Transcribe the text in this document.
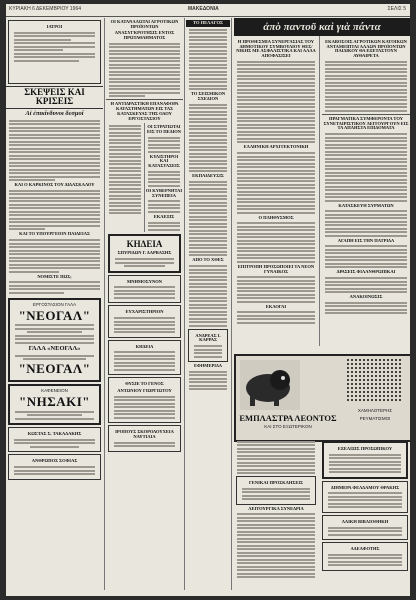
ΚΥΡΙΑΚΗ 6 ΔΕΚΕΜΒΡΙΟΥ 1964	ΜΑΚΕΔΟΝΙΑ	ΣΕΛΙΣ 5
ΙΑΤΡΟΙ
ΣΚΕΨΕΙΣ ΚΑΙ ΚΡΙΣΕΙΣ
Αἱ ἐπικίνδυνοι δεσμοί
ΚΑΙ Ο ΚΑΡΚΙΝΟΣ ΤΟΥ ΔΙΔΑΣΚΑΛΟΥ
ΚΑΙ ΤΟ ΥΠΟΥΡΓΕΙΟΝ ΠΑΙΔΕΙΑΣ
ΝΟΜΙΣΤΕ ΠΩΣ;
ΕΡΓΟΣΤΑΣΙΟΝ ΓΑΛΑ
"ΝΕΟΓΑΛ"
ΓΑΛΑ «ΝΕΟΓΑΛ»
"ΝΕΟΓΑΛ"
ΚΑΦΕΝΕΙΟΝ
"ΝΗΣΑΚΙ"
ΚΩΣΤΑΣ Σ. ΤΑΚΑΔΑΚΗΣ
ΑΝΘΡΩΠΟΣ ΣΟΦΙΑΣ
ΟΙ ΚΑΤΑΝΑΛΩΤΑΙ ΑΓΡΟΤΙΚΩΝ ΠΡΟΪΟΝΤΩΝ
ΑΝΑΣΥΓΚΡΟΤΗΣΙΣ ΕΝΤΟΣ ΠΡΩΤΑΘΛΗΜΑΤΟΣ
Η ΑΝΤΙΔΡΑΣΤΙΚΗ ΕΠΑΝΑΦΟΡΑ ΚΑΤΑΣΤΗΜΑΤΩΝ ΕΙΣ ΤΑΣ ΚΑΤΑΣΚΕΥΑΣ ΤΗΣ ΟΔΟΥ ΕΡΓΟΣΤΑΣΙΟΥ
ΟΙ ΣΤΡΑΤΙΩΤΑΙ ΕΙΣ ΤΟ ΠΕΔΙΟΝ
ΚΥΛΙΣΤΗΡΟΙ ΚΑΙ ΚΑΤΑΣΤΑΣΕΙΣ
ΟΙ ΚΥΒΕΡΝΗΤΑΙ ΣΥΝΕΠΕΙΑ
ΕΚΛΕΞΙΣ
ΚΗΔΕΙΑ
ΣΠΥΡΙΔΩΝ Γ. ΔΑΡΒΑΣΗΣ
ΜΝΗΜΟΣΥΝΟΝ
ΕΥΧΑΡΙΣΤΗΡΙΟΝ
ΚΗΔΕΙΑ
ΘΥΣΙΕ ΤΟ ΓΕΝΟΣ
ΑΝΤΩΝΙΟΥ ΓΙΩΡΓΙΩΤΟΥ
ΙΡΟΠΟΥΣ ΣΚΟΡΟΛΟΥΧΕΙΑ ΝΑΥΤΙΛΙΑ
ΤΟ ΠΕΛΑΓΟΣ
ΤΟ ΣΕΙΣΜΙΚΟΝ ΣΧΕΔΙΟΝ
ΕΚΠΑΙΔΕΥΣΙΣ
ΑΠΟ ΤΟ ΧΘΕΣ
ΑΝΔΡΕΑΣ Ι. ΚΑΡΡΑΣ
ΕΦΗΜΕΡΙΔΑ
ἀπὸ παντοῦ καὶ γιὰ πάντα
Η ΠΡΟΘΕΣΜΙΑ ΣΥΝΕΡΓΑΣΙΑΣ ΤΟΥ ΔΗΜΟΤΙΚΟΥ ΣΥΜΒΟΥΛΙΟΥ ΘΕΣ/ΝΙΚΗΣ ΜΕ ΑΣΦΑΛΙΣΤΙΚΑ ΚΑΙ ΑΛΛΑ ΑΠΟΦΑΣΙΣΕΙ
ΕΛΛΗΝΙΚΗ ΑΡΧΙΤΕΚΤΟΝΙΚΗ
Ο ΠΛΗΘΥΣΜΟΣ
ΕΠΙΤΡΟΠΗ ΠΡΟΣΩΠΟΙΕΙ ΤΑ ΝΕΟΝ ΓΥΝΑΙΚΟΣ
ΕΚΛΟΓΑΙ
ΕΚΑΒΟΣΟΙΣ ΑΓΡΟΤΙΚΩΝ ΚΑΤΟΙΚΩΝ ΑΝΤΑΜΕΙΠΤΑΙ ΑΛΛΩΝ ΠΡΟΪΟΝΤΩΝ ΠΑΙΔΙΚΟΥ ΘΑ ΕΞΕΤΑΣΤΟΥΝ ΑΥΘΑΙΡΕΤΑ
ΠΡΑΓΜΑΤΙΚΑ ΣΥΜΦΕΡΟΝΤΑ ΤΟΥ ΣΥΝΕΤΑΙΡΙΣΤΙΚΟΥ ΛΕΙΤΟΥΡΓΟΥΝ ΕΙΣ ΤΑ ΑΠΛΗΣΤΑ ΕΠΙΔΟΜΑΤΑ
ΚΑΤΑΣΚΕΥΗ ΣΥΡΜΑΤΩΝ
ΑΓΑΠΗ ΕΙΣ ΤΗΝ ΠΑΤΡΙΔΑ
ΔΡΑΣΕΙΣ ΦΙΛΑΝΘΡΩΠΙΚΑΙ
ΑΝΑΚΟΙΝΩΣΙΣ
ΕΜΠΛΑΣΤΡΑ ΛΕΟΝΤΟΣ
ΚΑΙ ΣΤΟ ΕΞΩΤΕΡΙΚΟΝ
ΧΑΜΗΛΟΤΕΡΗΣ
ΡΕΥΜΑΤΙΣΜΟΙ
ΓΕΝΙΚΑΙ ΠΡΟΣΚΛΗΣΕΙΣ
ΛΕΙΤΟΥΡΓΙΚΑ ΣΥΝΕΔΡΙΑ
ΕΞΕΛΙΞΙΣ ΠΡΟΣΩΠΙΚΟΥ
ΔΙΗΜΕΡΑ ΦΕΛΔΑΜΟΥ ΘΡΑΚΗΣ
ΛΑΙΚΗ ΒΙΒΛΙΟΘΗΚΗ
ΑΔΕΛΦΟΤΗΣ
